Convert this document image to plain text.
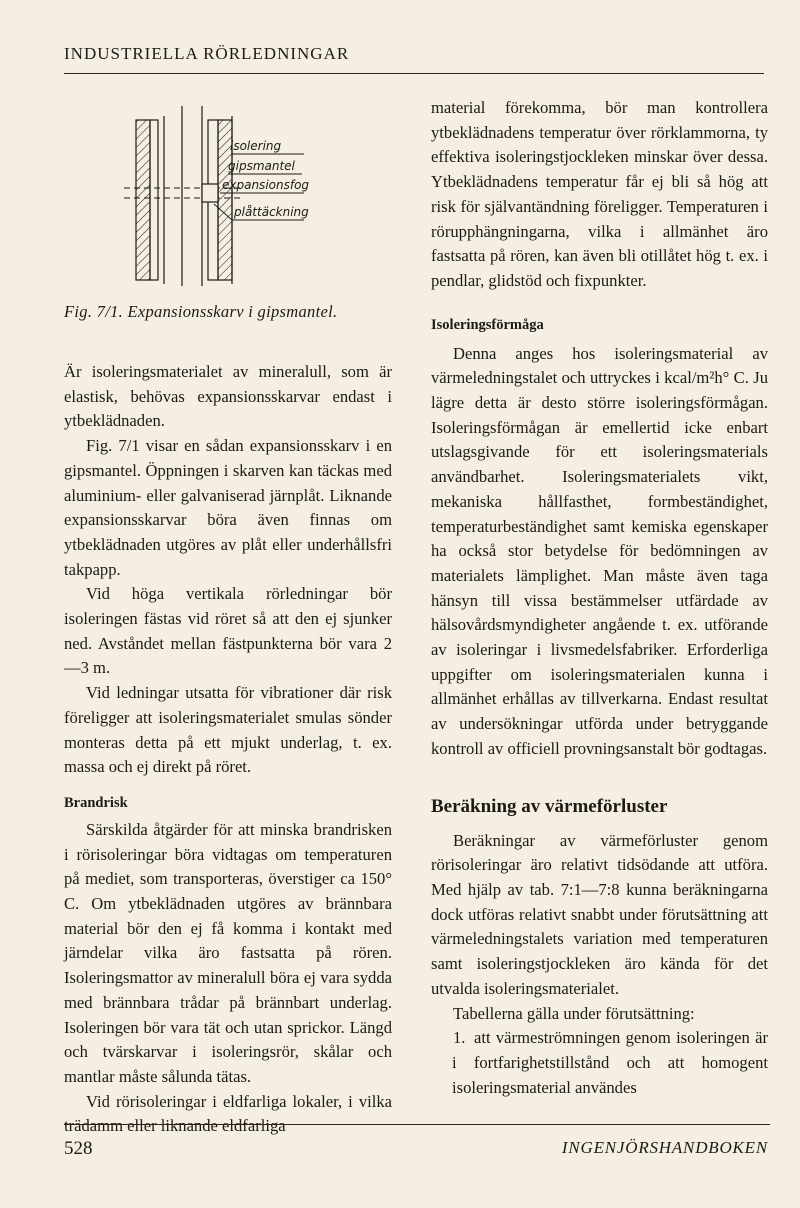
INDUSTRIELLA RÖRLEDNINGAR
isolering
gipsmantel
expansionsfog
plåttäckning
Fig. 7/1. Expansionsskarv i gipsmantel.

Är isoleringsmaterialet av mineralull, som är elastisk, behövas expansionsskarvar endast i ytbeklädnaden.

Fig. 7/1 visar en sådan expansionsskarv i en gipsmantel. Öppningen i skarven kan täckas med aluminium- eller galvaniserad järnplåt. Liknande expansionsskarvar böra även finnas om ytbeklädnaden utgöres av plåt eller underhållsfri takpapp.

Vid höga vertikala rörledningar bör isoleringen fästas vid röret så att den ej sjunker ned. Avståndet mellan fästpunkterna bör vara 2—3 m.

Vid ledningar utsatta för vibrationer där risk föreligger att isoleringsmaterialet smulas sönder monteras detta på ett mjukt underlag, t. ex. massa och ej direkt på röret.

Brandrisk

Särskilda åtgärder för att minska brandrisken i rörisoleringar böra vidtagas om temperaturen på mediet, som transporteras, överstiger ca 150° C. Om ytbeklädnaden utgöres av brännbara material bör den ej få komma i kontakt med järndelar vilka äro fastsatta på rören. Isoleringsmattor av mineralull böra ej vara sydda med brännbara trådar på brännbart underlag. Isoleringen bör vara tät och utan sprickor. Längd och tvärskarvar i isoleringsrör, skålar och mantlar måste sålunda tätas.

Vid rörisoleringar i eldfarliga lokaler, i vilka trädamm eller liknande eldfarliga

material förekomma, bör man kontrollera ytbeklädnadens temperatur över rörklammorna, ty effektiva isoleringstjockleken minskar över dessa. Ytbeklädnadens temperatur får ej bli så hög att risk för självantändning föreligger. Temperaturen i rörupphängningarna, vilka i allmänhet äro fastsatta på rören, kan även bli otillåtet hög t. ex. i pendlar, glidstöd och fixpunkter.

Isoleringsförmåga

Denna anges hos isoleringsmaterial av värmeledningstalet och uttryckes i kcal/m²h° C. Ju lägre detta är desto större isoleringsförmågan. Isoleringsförmågan är emellertid icke enbart utslagsgivande för ett isoleringsmaterials användbarhet. Isoleringsmaterialets vikt, mekaniska hållfasthet, formbeständighet, temperaturbeständighet samt kemiska egenskaper ha också stor betydelse för bedömningen av materialets lämplighet. Man måste även taga hänsyn till vissa bestämmelser utfärdade av hälsovårdsmyndigheter angående t. ex. utförande av isoleringar i livsmedelsfabriker. Erforderliga uppgifter om isoleringsmaterialen kunna i allmänhet erhållas av tillverkarna. Endast resultat av undersökningar utförda under betryggande kontroll av officiell provningsanstalt bör godtagas.

Beräkning av värmeförluster

Beräkningar av värmeförluster genom rörisoleringar äro relativt tidsödande att utföra. Med hjälp av tab. 7:1—7:8 kunna beräkningarna dock utföras relativt snabbt under förutsättning att värmeledningstalets variation med temperaturen samt isoleringstjockleken äro kända för det utvalda isoleringsmaterialet.

Tabellerna gälla under förutsättning:

1. att värmeströmningen genom isoleringen är i fortfarighetstillstånd och att homogent isoleringsmaterial användes

528	INGENJÖRSHANDBOKEN
